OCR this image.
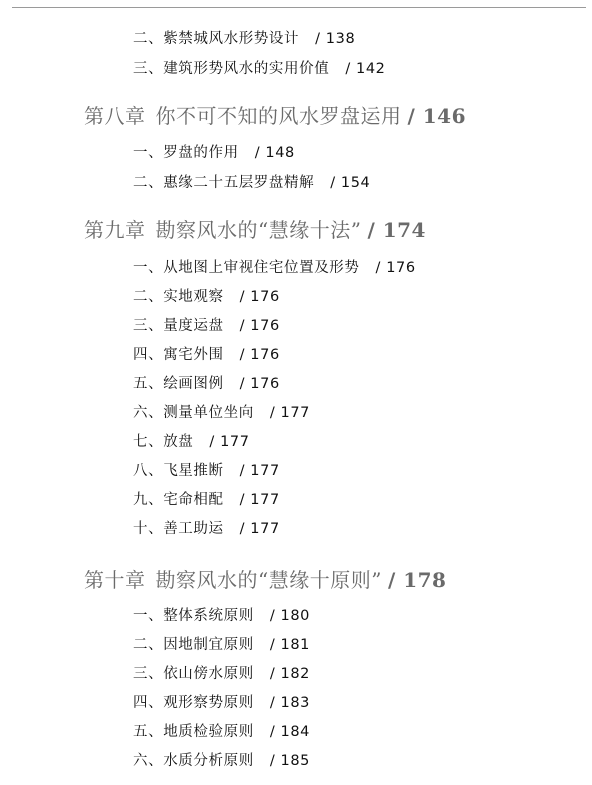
二、紫禁城风水形势设计 / 138
三、建筑形势风水的实用价值 / 142
第八章 你不可不知的风水罗盘运用 / 146
一、罗盘的作用 / 148
二、惠缘二十五层罗盘精解 / 154
第九章 勘察风水的“慧缘十法” / 174
一、从地图上审视住宅位置及形势 / 176
二、实地观察 / 176
三、量度运盘 / 176
四、寓宅外围 / 176
五、绘画图例 / 176
六、测量单位坐向 / 177
七、放盘 / 177
八、飞星推断 / 177
九、宅命相配 / 177
十、善工助运 / 177
第十章 勘察风水的“慧缘十原则” / 178
一、整体系统原则 / 180
二、因地制宜原则 / 181
三、依山傍水原则 / 182
四、观形察势原则 / 183
五、地质检验原则 / 184
六、水质分析原则 / 185
